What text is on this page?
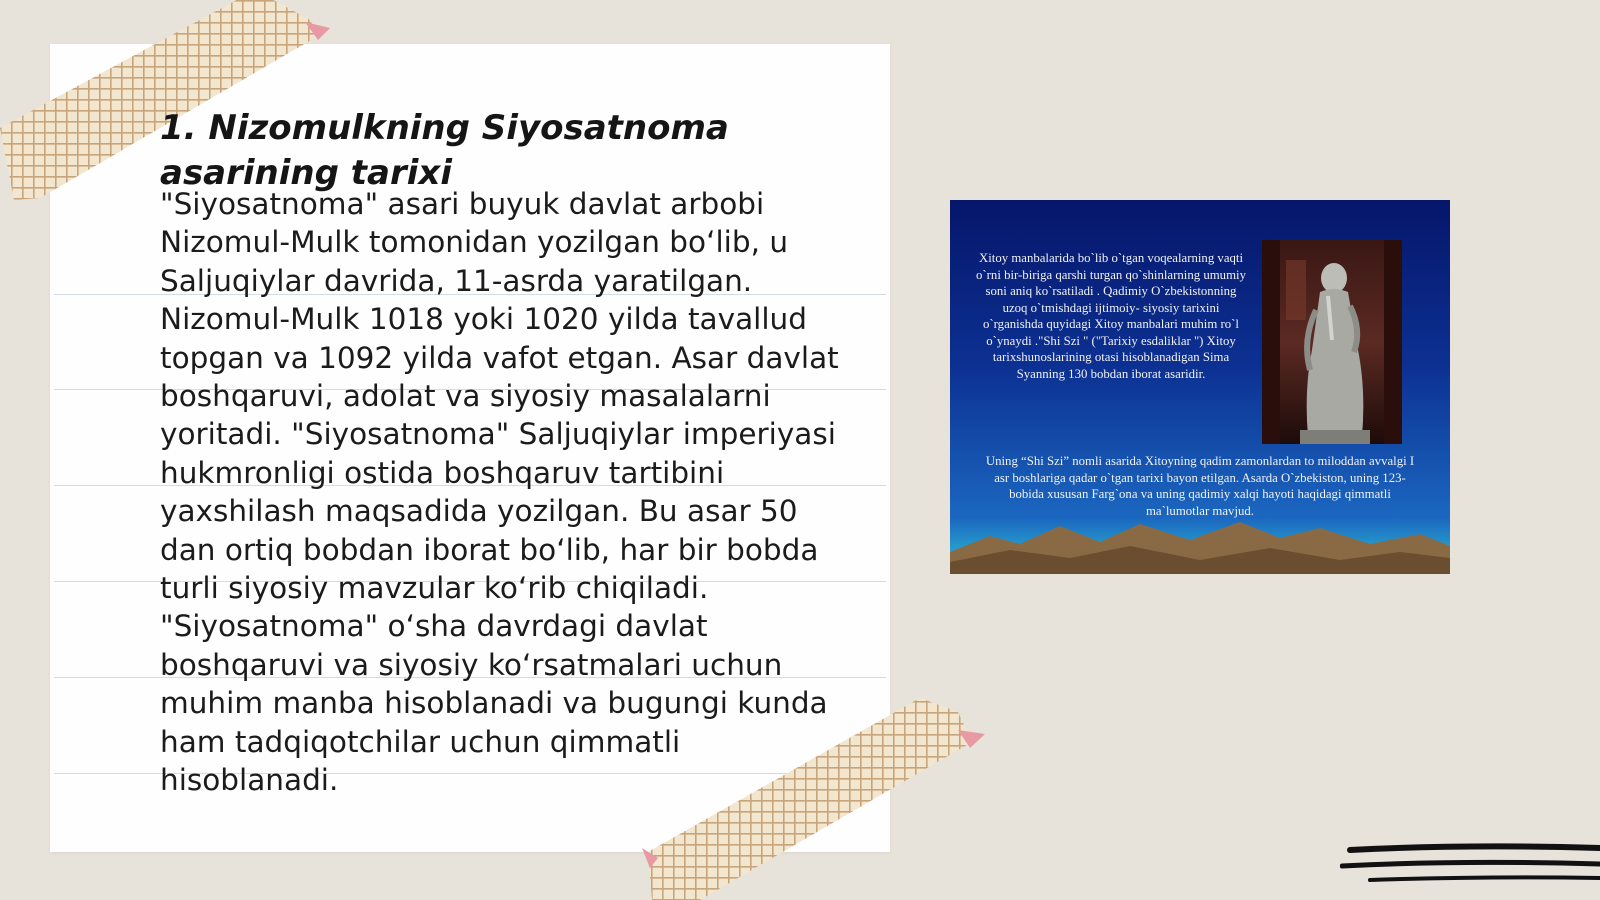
1. Nizomulkning Siyosatnoma asarining tarixi

"Siyosatnoma" asari buyuk davlat arbobi Nizomul-Mulk tomonidan yozilgan bo‘lib, u Saljuqiylar davrida, 11-asrda yaratilgan. Nizomul-Mulk 1018 yoki 1020 yilda tavallud topgan va 1092 yilda vafot etgan. Asar davlat boshqaruvi, adolat va siyosiy masalalarni yoritadi. "Siyosatnoma" Saljuqiylar imperiyasi hukmronligi ostida boshqaruv tartibini yaxshilash maqsadida yozilgan. Bu asar 50 dan ortiq bobdan iborat bo‘lib, har bir bobda turli siyosiy mavzular ko‘rib chiqiladi. "Siyosatnoma" o‘sha davrdagi davlat boshqaruvi va siyosiy ko‘rsatmalari uchun muhim manba hisoblanadi va bugungi kunda ham tadqiqotchilar uchun qimmatli hisoblanadi.

Xitoy manbalarida bo`lib o`tgan voqealarning vaqti o`rni bir-biriga qarshi turgan qo`shinlarning umumiy soni aniq ko`rsatiladi . Qadimiy O`zbekistonning uzoq o`tmishdagi ijtimoiy- siyosiy tarixini o`rganishda quyidagi Xitoy manbalari muhim ro`l o`ynaydi ."Shi Szi " ("Tarixiy esdaliklar ") Xitoy tarixshunoslarining otasi hisoblanadigan Sima Syanning 130 bobdan iborat asaridir.

Uning “Shi Szi” nomli asarida Xitoyning qadim zamonlardan to miloddan avvalgi I asr boshlariga qadar o`tgan tarixi bayon etilgan. Asarda O`zbekiston, uning 123-bobida xususan Farg`ona va uning qadimiy xalqi hayoti haqidagi qimmatli ma`lumotlar mavjud.
